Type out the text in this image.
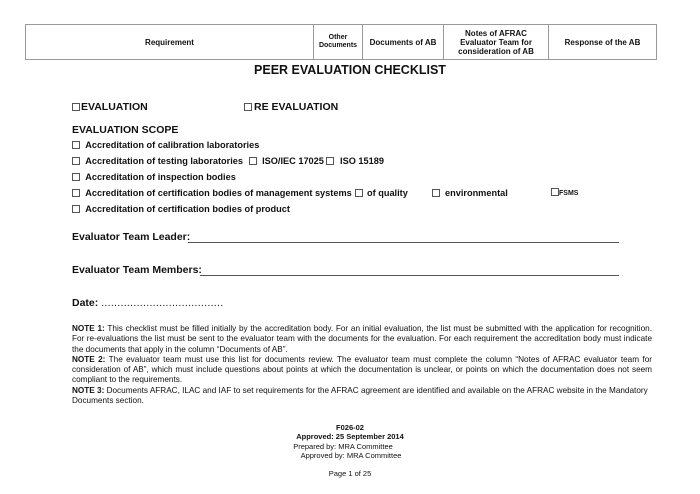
Requirement	Other Documents	Documents of AB	Notes of AFRAC Evaluator Team for consideration of AB	Response of the AB
PEER EVALUATION CHECKLIST
EVALUATION	RE EVALUATION
EVALUATION SCOPE
Accreditation of calibration laboratories
Accreditation of testing laboratories ISO/IEC 17025 ISO 15189
Accreditation of inspection bodies
Accreditation of certification bodies of management systems	of quality	environmental	FSMS
Accreditation of certification bodies of product
Evaluator Team Leader:
Evaluator Team Members:
Date: ......................................

NOTE 1: This checklist must be filled initially by the accreditation body. For an initial evaluation, the list must be submitted with the application for recognition. For re-evaluations the list must be sent to the evaluator team with the documents for the evaluation. For each requirement the accreditation body must indicate the documents that apply in the column “Documents of AB”.

NOTE 2: The evaluator team must use this list for documents review. The evaluator team must complete the column “Notes of AFRAC evaluator team for consideration of AB”, which must include questions about points at which the documentation is unclear, or points on which the documentation does not seem compliant to the requirements.

NOTE 3: Documents AFRAC, ILAC and IAF to set requirements for the AFRAC agreement are identified and available on the AFRAC website in the Mandatory Documents section.

F026-02
Approved: 25 September 2014
Prepared by: MRA Committee
Approved by: MRA Committee
Page 1 of 25
